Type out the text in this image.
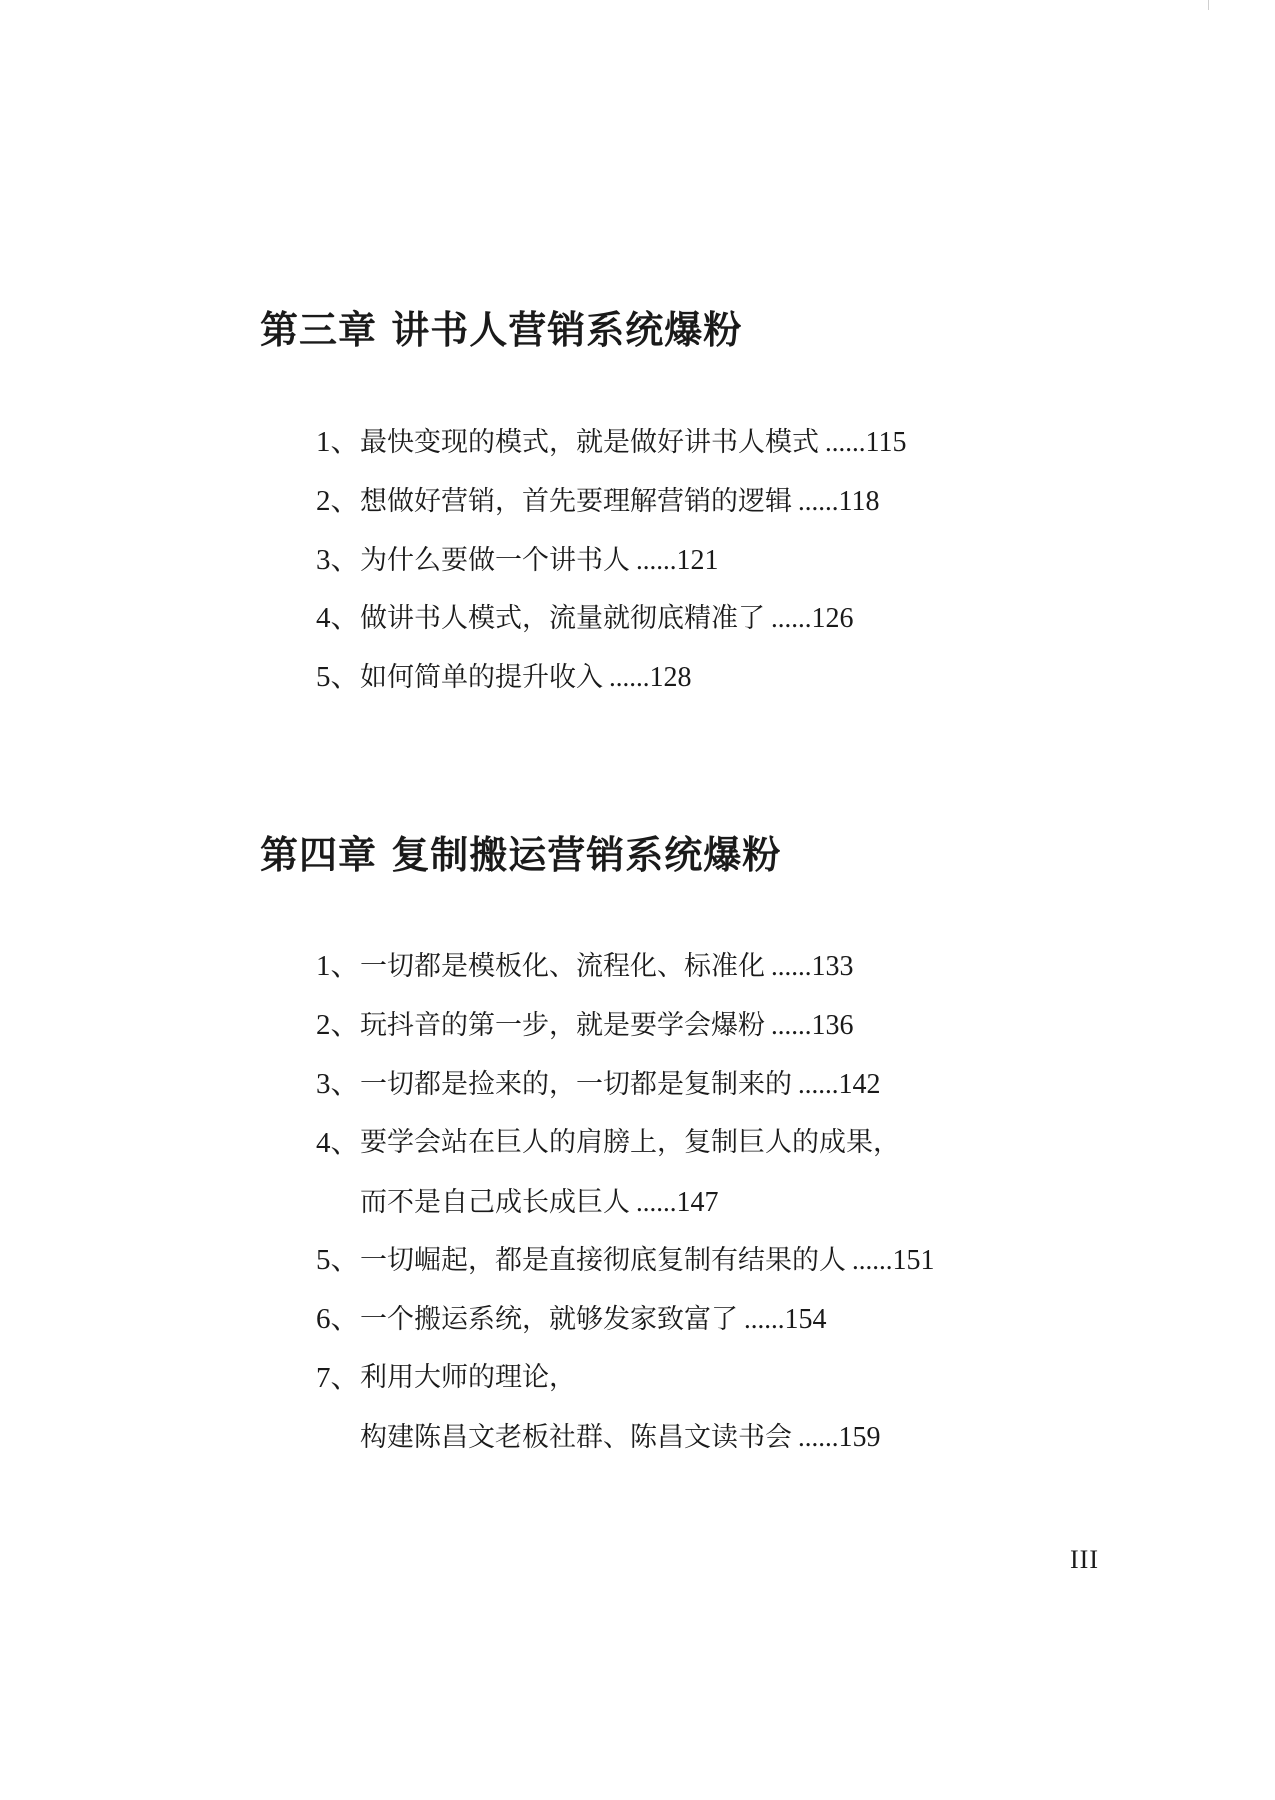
第三章 讲书人营销系统爆粉
1、 最快变现的模式，就是做好讲书人模式 ......115
2、 想做好营销，首先要理解营销的逻辑 ......118
3、 为什么要做一个讲书人 ......121
4、 做讲书人模式，流量就彻底精准了 ......126
5、 如何简单的提升收入 ......128
第四章 复制搬运营销系统爆粉
1、 一切都是模板化、流程化、标准化 ......133
2、 玩抖音的第一步，就是要学会爆粉 ......136
3、 一切都是捡来的，一切都是复制来的 ......142
4、 要学会站在巨人的肩膀上，复制巨人的成果，
而不是自己成长成巨人 ......147
5、 一切崛起，都是直接彻底复制有结果的人 ......151
6、 一个搬运系统，就够发家致富了 ......154
7、 利用大师的理论，
构建陈昌文老板社群、陈昌文读书会 ......159
III
